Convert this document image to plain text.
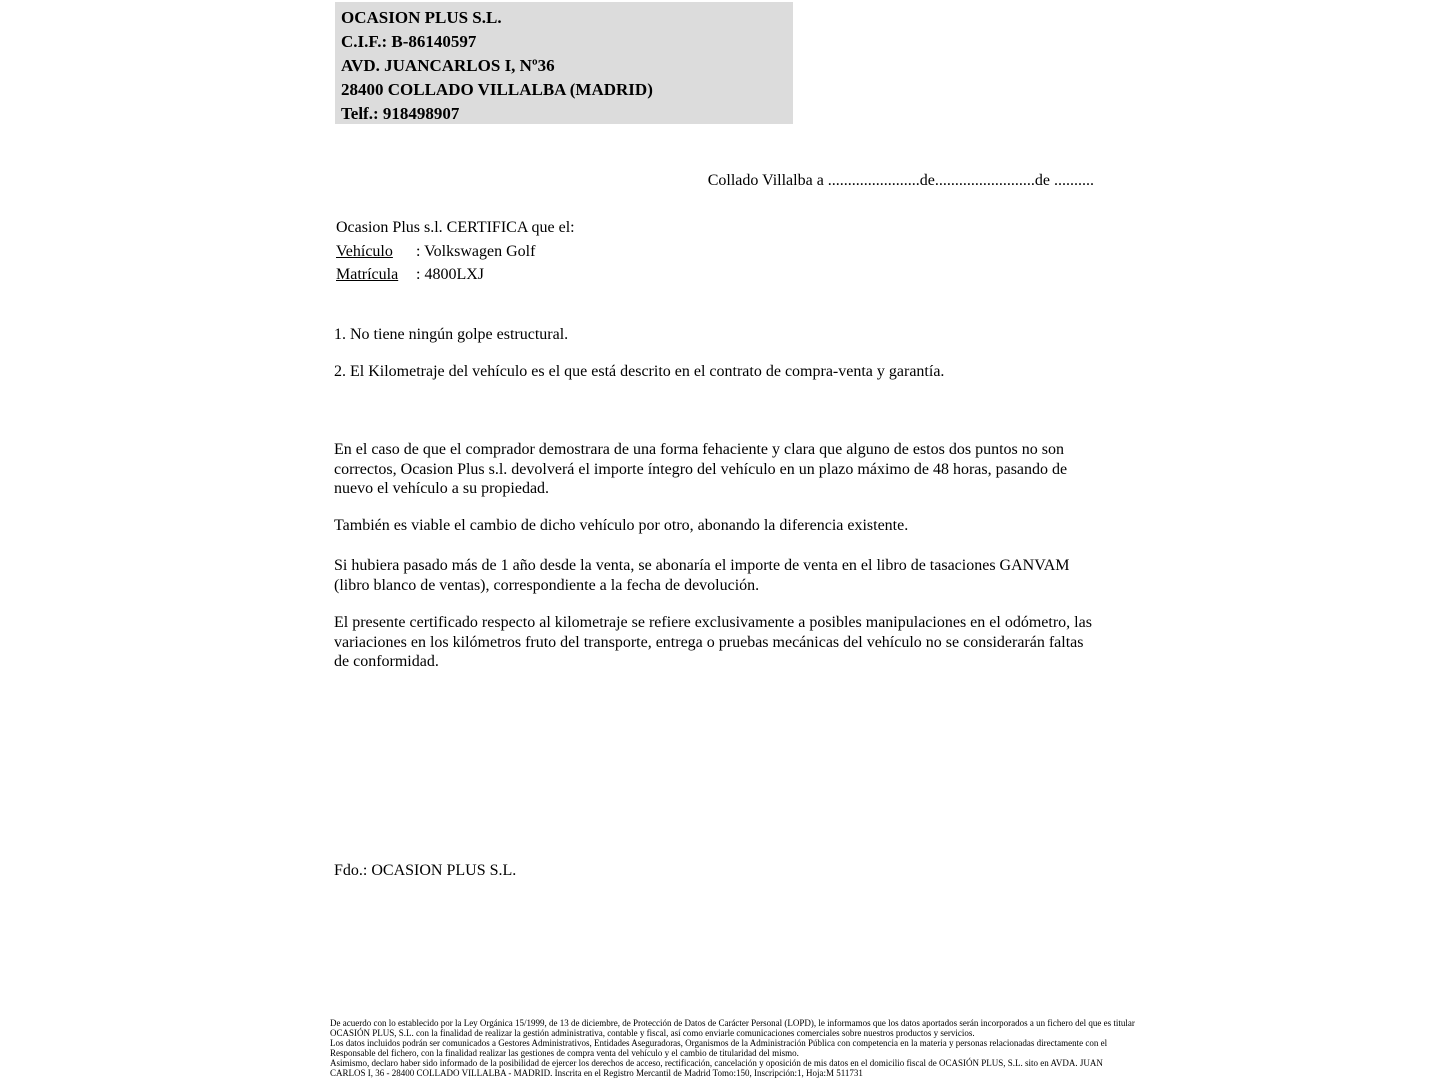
OCASION PLUS S.L.
C.I.F.: B-86140597
AVD. JUANCARLOS I, Nº36
28400 COLLADO VILLALBA (MADRID)
Telf.: 918498907
Collado Villalba a .......................de.........................de ..........
Ocasion Plus s.l. CERTIFICA que el:
Vehículo : Volkswagen Golf
Matrícula : 4800LXJ
1. No tiene ningún golpe estructural.
2. El Kilometraje del vehículo es el que está descrito en el contrato de compra-venta y garantía.
En el caso de que el comprador demostrara de una forma fehaciente y clara que alguno de estos dos puntos no son correctos, Ocasion Plus s.l. devolverá el importe íntegro del vehículo en un plazo máximo de 48 horas, pasando de nuevo el vehículo a su propiedad.
También es viable el cambio de dicho vehículo por otro, abonando la diferencia existente.
Si hubiera pasado más de 1 año desde la venta, se abonaría el importe de venta en el libro de tasaciones GANVAM (libro blanco de ventas), correspondiente a la fecha de devolución.
El presente certificado respecto al kilometraje se refiere exclusivamente a posibles manipulaciones en el odómetro, las variaciones en los kilómetros fruto del transporte, entrega o pruebas mecánicas del vehículo no se considerarán faltas de conformidad.
Fdo.: OCASION PLUS S.L.
De acuerdo con lo establecido por la Ley Orgánica 15/1999, de 13 de diciembre, de Protección de Datos de Carácter Personal (LOPD), le informamos que los datos aportados serán incorporados a un fichero del que es titular
OCASIÓN PLUS, S.L. con la finalidad de realizar la gestión administrativa, contable y fiscal, así como enviarle comunicaciones comerciales sobre nuestros productos y servicios.
Los datos incluidos podrán ser comunicados a Gestores Administrativos, Entidades Aseguradoras, Organismos de la Administración Pública con competencia en la materia y personas relacionadas directamente con el
Responsable del fichero, con la finalidad realizar las gestiones de compra venta del vehículo y el cambio de titularidad del mismo.
Asimismo, declaro haber sido informado de la posibilidad de ejercer los derechos de acceso, rectificación, cancelación y oposición de mis datos en el domicilio fiscal de OCASIÓN PLUS, S.L. sito en AVDA. JUAN
CARLOS I, 36 - 28400 COLLADO VILLALBA - MADRID. Inscrita en el Registro Mercantil de Madrid Tomo:150, Inscripción:1, Hoja:M 511731
